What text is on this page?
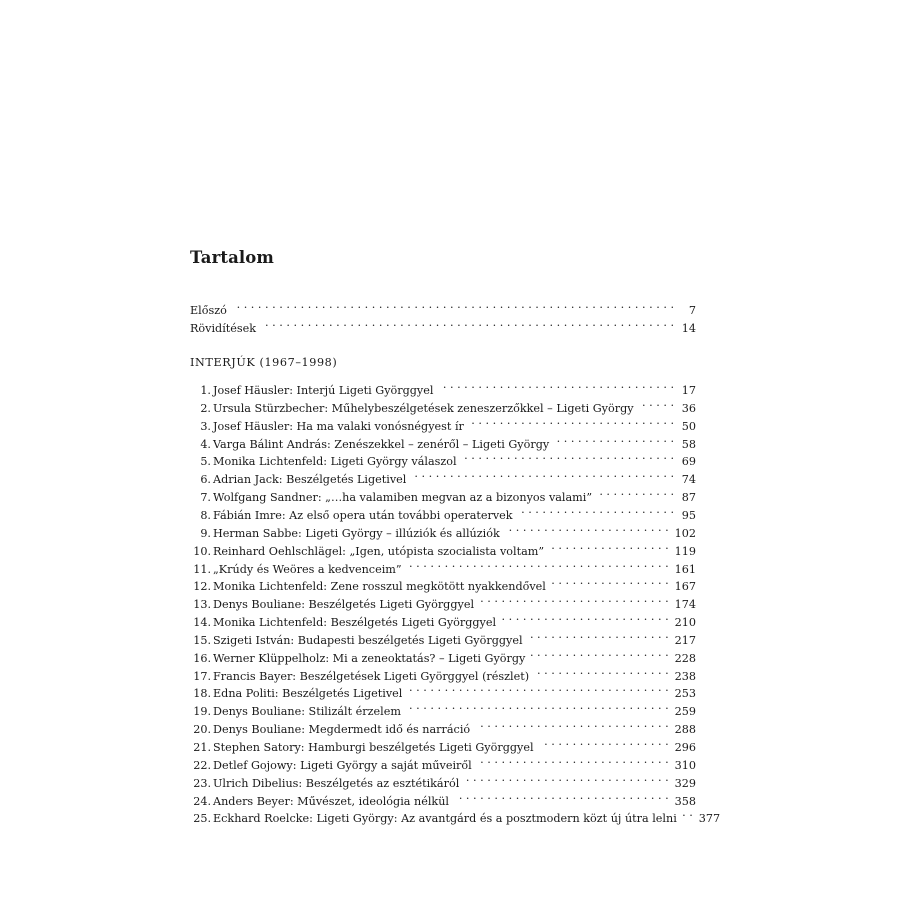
Tartalom
Előszó . . .	7
Rövidítések . . .	14
INTERJÚK (1967–1998)
1. Josef Häusler: Interjú Ligeti Györggyel . . .	17
2. Ursula Stürzbecher: Műhelybeszélgetések zeneszerzőkkel – Ligeti György . . .	36
3. Josef Häusler: Ha ma valaki vonósnégyest ír . . .	50
4. Varga Bálint András: Zenészekkel – zenéről – Ligeti György . . .	58
5. Monika Lichtenfeld: Ligeti György válaszol . . .	69
6. Adrian Jack: Beszélgetés Ligetivel . . .	74
7. Wolfgang Sandner: „…ha valamiben megvan az a bizonyos valami” . . .	87
8. Fábián Imre: Az első opera után további operatervek . . .	95
9. Herman Sabbe: Ligeti György – illúziók és allúziók . . .	102
10. Reinhard Oehlschlägel: „Igen, utópista szocialista voltam” . . .	119
11. „Krúdy és Weöres a kedvenceim” . . .	161
12. Monika Lichtenfeld: Zene rosszul megkötött nyakkendővel . . .	167
13. Denys Bouliane: Beszélgetés Ligeti Györggyel . . .	174
14. Monika Lichtenfeld: Beszélgetés Ligeti Györggyel . . .	210
15. Szigeti István: Budapesti beszélgetés Ligeti Györggyel . . .	217
16. Werner Klüppelholz: Mi a zeneoktatás? – Ligeti György . . .	228
17. Francis Bayer: Beszélgetések Ligeti Györggyel (részlet) . . .	238
18. Edna Politi: Beszélgetés Ligetivel . . .	253
19. Denys Bouliane: Stilizált érzelem . . .	259
20. Denys Bouliane: Megdermedt idő és narráció . . .	288
21. Stephen Satory: Hamburgi beszélgetés Ligeti Györggyel . . .	296
22. Detlef Gojowy: Ligeti György a saját műveiről . . .	310
23. Ulrich Dibelius: Beszélgetés az esztétikáról . . .	329
24. Anders Beyer: Művészet, ideológia nélkül . . .	358
25. Eckhard Roelcke: Ligeti György: Az avantgárd és a posztmodern közt új útra lelni . . . 377
